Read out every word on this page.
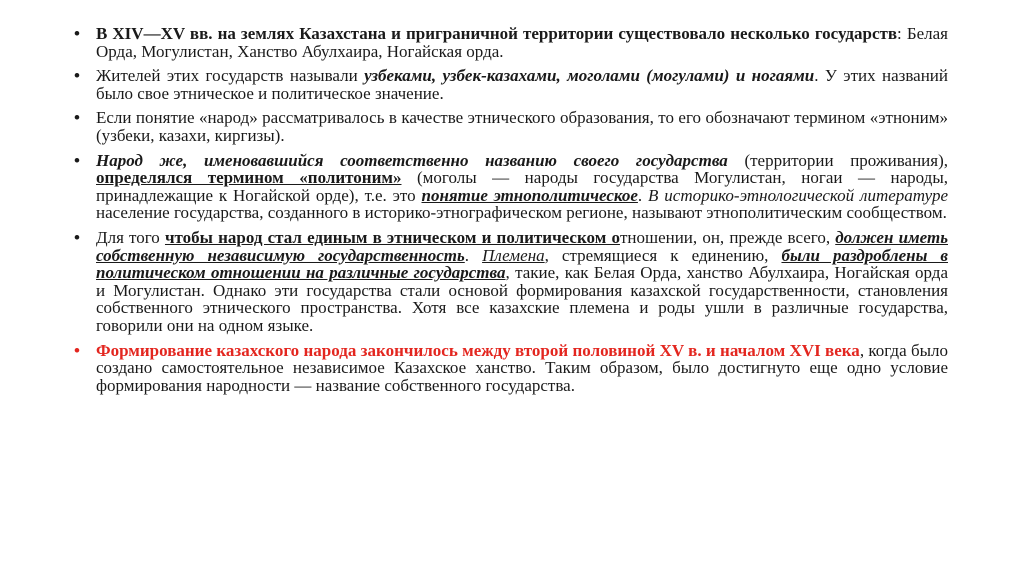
• В XIV—XV вв. на землях Казахстана и приграничной территории существовало несколько государств: Белая Орда, Могулистан, Ханство Абулхаира, Ногайская орда.
• Жителей этих государств называли узбеками, узбек-казахами, моголами (могулами) и ногаями. У этих названий было свое этническое и политическое значение.
• Если понятие «народ» рассматривалось в качестве этнического образования, то его обозначают термином «этноним» (узбеки, казахи, киргизы).
• Народ же, именовавшийся соответственно названию своего государства (территории проживания), определялся термином «политоним» (моголы — народы государства Могулистан, ногаи — народы, принадлежащие к Ногайской орде), т.е. это понятие этнополитическое. В историко-этнологической литературе население государства, созданного в историко-этнографическом регионе, называют этнополитическим сообществом.
• Для того чтобы народ стал единым в этническом и политическом отношении, он, прежде всего, должен иметь собственную независимую государственность. Племена, стремящиеся к единению, были раздроблены в политическом отношении на различные государства, такие, как Белая Орда, ханство Абулхаира, Ногайская орда и Могулистан. Однако эти государства стали основой формирования казахской государственности, становления собственного этнического пространства. Хотя все казахские племена и роды ушли в различные государства, говорили они на одном языке.
• Формирование казахского народа закончилось между второй половиной XV в. и началом XVI века, когда было создано самостоятельное независимое Казахское ханство. Таким образом, было достигнуто еще одно условие формирования народности — название собственного государства.
